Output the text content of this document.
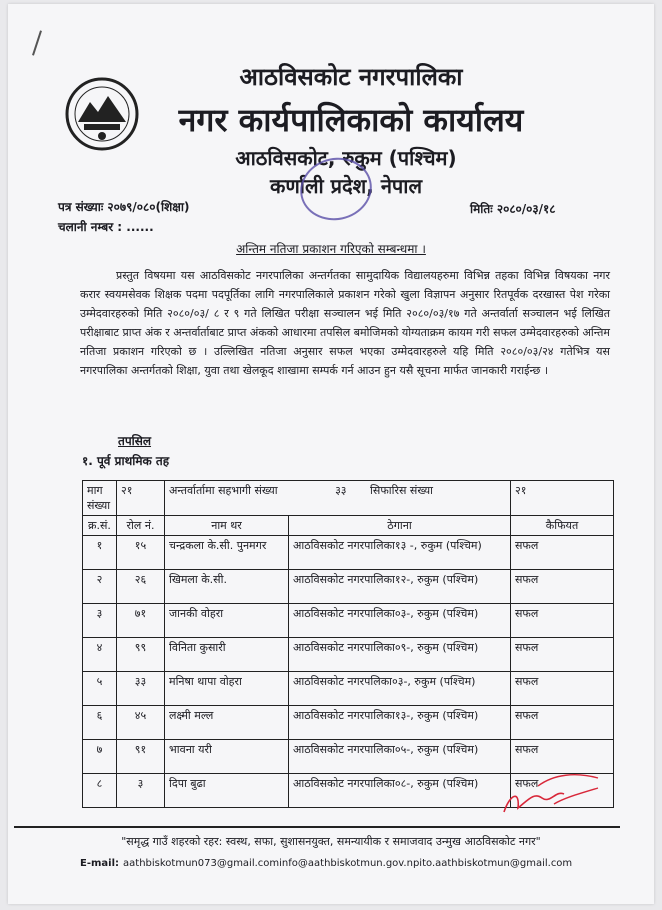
आठविसकोट नगरपालिका
नगर कार्यपालिकाको कार्यालय
आठविसकोट, रुकुम (पश्चिम)
कर्णाली प्रदेश, नेपाल
पत्र संख्याः २०७९/०८०(शिक्षा)
चलानी नम्बर : ......
मितिः २०८०/०३/१८
अन्तिम नतिजा प्रकाशन गरिएको सम्बन्धमा ।
प्रस्तुत विषयमा यस आठविसकोट नगरपालिका अन्तर्गतका सामुदायिक विद्यालयहरुमा विभिन्न तहका विभिन्न विषयका नगर करार स्वयमसेवक शिक्षक पदमा पदपूर्तिका लागि नगरपालिकाले प्रकाशन गरेको खुला विज्ञापन अनुसार रितपूर्वक दरखास्त पेश गरेका उम्मेदवारहरुको मिति २०८०/०३/ ८ र ९ गते लिखित परीक्षा सञ्चालन भई मिति २०८०/०३/१७ गते अन्तर्वार्ता सञ्चालन भई लिखित परीक्षाबाट प्राप्त अंक र अन्तर्वार्ताबाट प्राप्त अंकको आधारमा तपसिल बमोजिमको योग्यताक्रम कायम गरी सफल उम्मेदवारहरुको अन्तिम नतिजा प्रकाशन गरिएको छ । उल्लिखित नतिजा अनुसार सफल भएका उम्मेदवारहरुले यहि मिति २०८०/०३/२४ गतेभित्र यस नगरपालिका अन्तर्गतको शिक्षा, युवा तथा खेलकूद शाखामा सम्पर्क गर्न आउन हुन यसै सूचना मार्फत जानकारी गराईन्छ ।
तपसिल
१. पूर्व प्राथमिक तह
माग संख्या	२१	अन्तर्वार्तामा सहभागी संख्या ३३ सिफारिस संख्या		२१
क्र.सं.	रोल नं.	नाम थर	ठेगाना	कैफियत
१	१५	चन्द्रकला के.सी. पुनमगर	आठविसकोट नगरपालिका१३ -, रुकुम (पश्चिम)	सफल
२	२६	खिमला के.सी.	आठविसकोट नगरपालिका१२-, रुकुम (पश्चिम)	सफल
३	७१	जानकी वोहरा	आठविसकोट नगरपालिका०३-, रुकुम (पश्चिम)	सफल
४	९९	विनिता कुसारी	आठविसकोट नगरपालिका०९-, रुकुम (पश्चिम)	सफल
५	३३	मनिषा थापा वोहरा	आठविसकोट नगरपलिका०३-, रुकुम (पश्चिम)	सफल
६	४५	लक्ष्मी मल्ल	आठविसकोट नगरपालिका१३-, रुकुम (पश्चिम)	सफल
७	९१	भावना यरी	आठविसकोट नगरपालिका०५-, रुकुम (पश्चिम)	सफल
८	३	दिपा बुढा	आठविसकोट नगरपालिका०८-, रुकुम (पश्चिम)	सफल
"समृद्ध गाउँ शहरको रहर: स्वस्थ, सफा, सुशासनयुक्त, समन्यायीक र समाजवाद उन्मुख आठविसकोट नगर"
E-mail: aathbiskotmun073@gmail.cominfo@aathbiskotmun.gov.npito.aathbiskotmun@gmail.com
